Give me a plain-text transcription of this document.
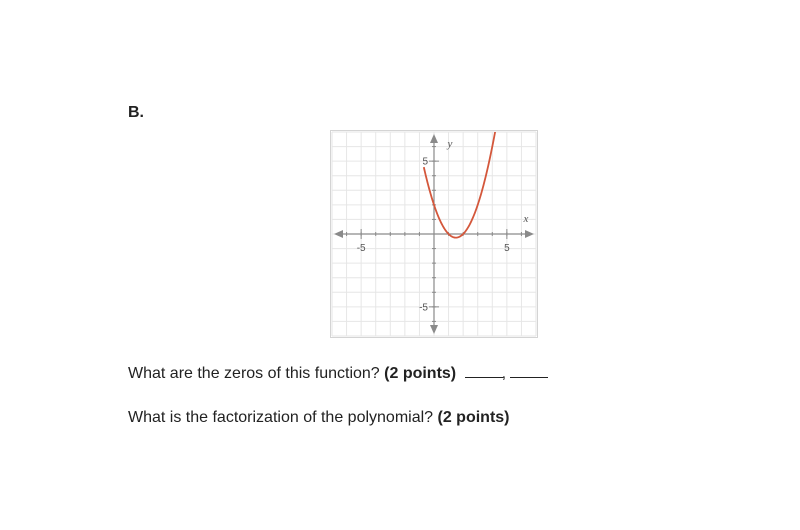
B.
-5	5
5
-5
x
y
What are the zeros of this function? (2 points)	,
What is the factorization of the polynomial? (2 points)
